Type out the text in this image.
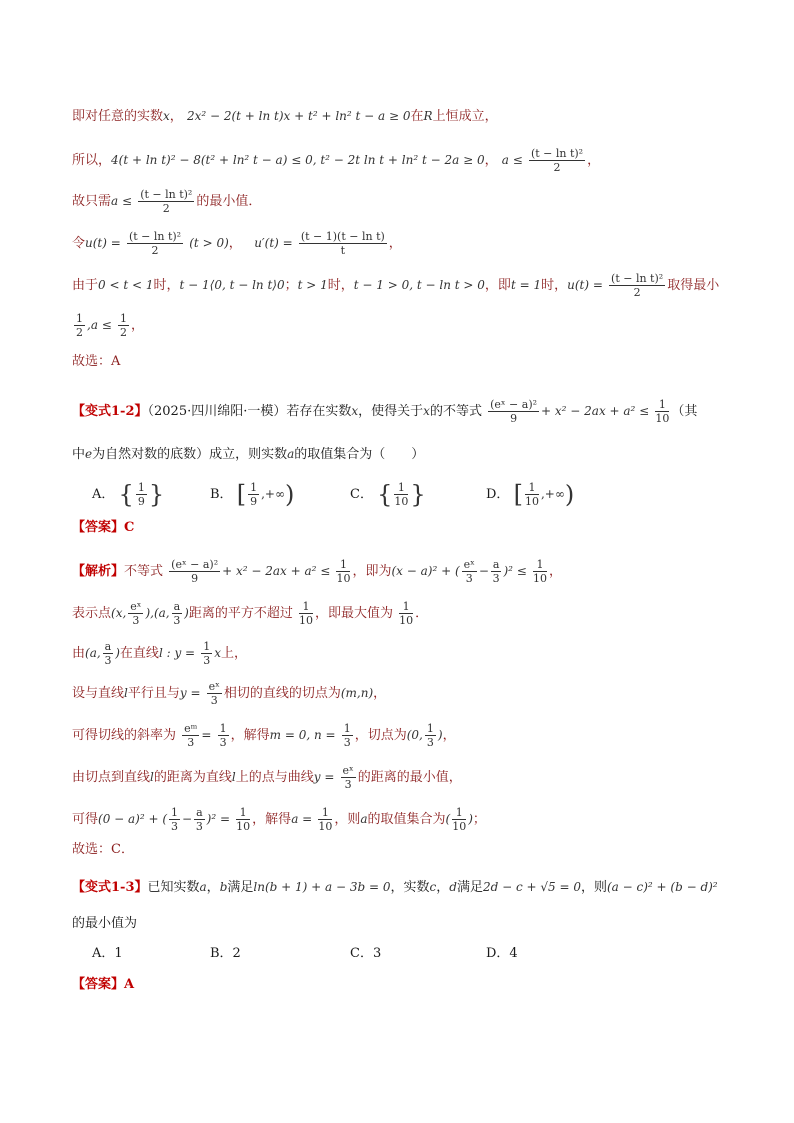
即对任意的实数x， 2x² − 2(t + ln t)x + t² + ln² t − a ≥ 0在R上恒成立，
所以，4(t + ln t)² − 8(t² + ln² t − a) ≤ 0, t² − 2t ln t + ln² t − 2a ≥ 0， $a \le \frac{\text{(t − ln t)²}}{2}$ ，
故只需$a \le \frac{\text{(t − ln t)²}}{2}$ 的最小值．
令$u(t) = \frac{\text{(t − ln t)²}}{2} (t > 0)$， $u'(t) = \frac{\text{(t − 1)(t − ln t)}}{t}$ ，
由于0 < t < 1时，t − 1⟨0, t − ln t⟩0；t > 1时，t − 1 > 0, t − ln t > 0，即t = 1时，$u(t) = \frac{\text{(t − ln t)²}}{2}$ 取得最小
$\frac{1}{2} ,a \le \frac{1}{2}$ ，
故选：A
【变式1-2】（2025·四川绵阳·一模）若存在实数x，使得关于x的不等式 $\frac{\text{(eˣ − a)²}}{9} + x^2 - 2ax + a^2 \le \frac{1}{10}$ （其
中e为自然对数的底数）成立，则实数a的取值集合为（　　）
A． { $\frac{1}{9}$ }	B． [ $\frac{1}{9}$ ,+∞)	C． { $\frac{1}{10}$ }	D． [ $\frac{1}{10}$ ,+∞)
【答案】C
【解析】不等式 $\frac{\text{(eˣ − a)²}}{9} + x^2 - 2ax + a^2 \le \frac{1}{10}$ ，即为(x − a)² + ( $\frac{\text{eˣ}}{3} - \frac{a}{3} )^2 \le \frac{1}{10}$ ，
表示点(x, $\frac{\text{eˣ}}{3} ),(a$, $\frac{a}{3}$ )距离的平方不超过 $\frac{1}{10}$ ，即最大值为 $\frac{1}{10}$ ．
由(a, $\frac{a}{3}$ )在直线l : $y = \frac{1}{3}$ x上，
设与直线l平行且与$y = \frac{\text{eˣ}}{3}$ 相切的直线的切点为(m,n)，
可得切线的斜率为 $\frac{\text{eᵐ}}{3} = \frac{1}{3}$ ，解得m = 0, $n = \frac{1}{3}$ ，切点为(0, $\frac{1}{3}$ )，
由切点到直线l的距离为直线l上的点与曲线$y = \frac{\text{eˣ}}{3}$ 的距离的最小值，
可得(0 − a)² + ( $\frac{1}{3} - \frac{a}{3} )^2 = \frac{1}{10}$ ，解得$a = \frac{1}{10}$ ，则a的取值集合为( $\frac{1}{10}$ )；
故选：C．
【变式1-3】已知实数a，b满足ln(b + 1) + a − 3b = 0，实数c，d满足2d − c + √5 = 0，则(a − c)² + (b − d)²
的最小值为
A．1	B．2	C．3	D．4
【答案】A
